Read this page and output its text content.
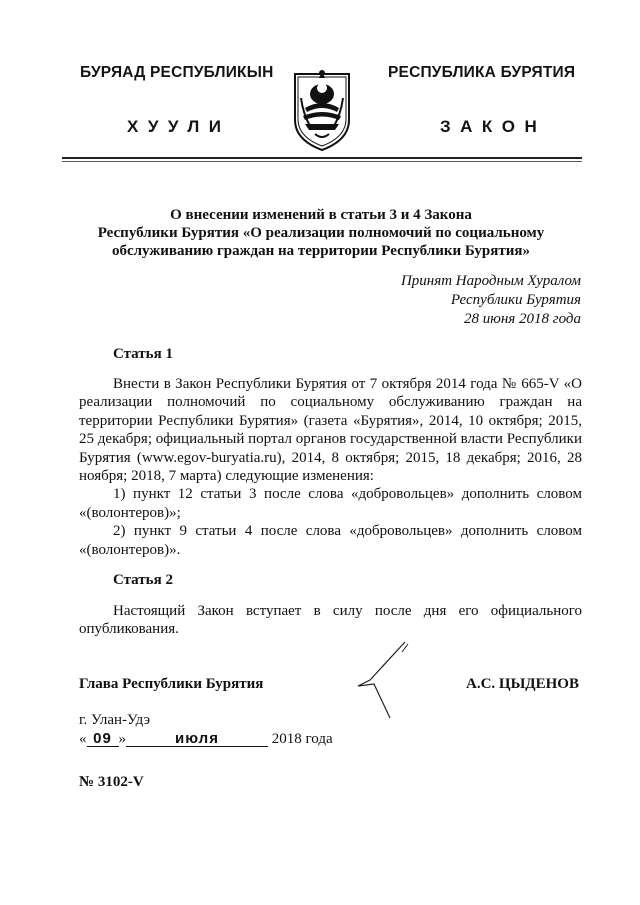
БУРЯАД РЕСПУБЛИКЫН	РЕСПУБЛИКА БУРЯТИЯ
ХУУЛИ	ЗАКОН
О внесении изменений в статьи 3 и 4 Закона
Республики Бурятия «О реализации полномочий по социальному
обслуживанию граждан на территории Республики Бурятия»
Принят Народным Хуралом
Республики Бурятия
28 июня 2018 года
Статья 1

Внести в Закон Республики Бурятия от 7 октября 2014 года № 665-V «О реализации полномочий по социальному обслуживанию граждан на территории Республики Бурятия» (газета «Бурятия», 2014, 10 октября; 2015, 25 декабря; официальный портал органов государственной власти Республики Бурятия (www.egov-buryatia.ru), 2014, 8 октября; 2015, 18 декабря; 2016, 28 ноября; 2018, 7 марта) следующие изменения:

1) пункт 12 статьи 3 после слова «добровольцев» дополнить словом «(волонтеров)»;

2) пункт 9 статьи 4 после слова «добровольцев» дополнить словом «(волонтеров)».

Статья 2

Настоящий Закон вступает в силу после дня его официального опубликования.

Глава Республики Бурятия	А.С. ЦЫДЕНОВ
г. Улан-Удэ
« 09 »	июля	2018 года
№ 3102-V
